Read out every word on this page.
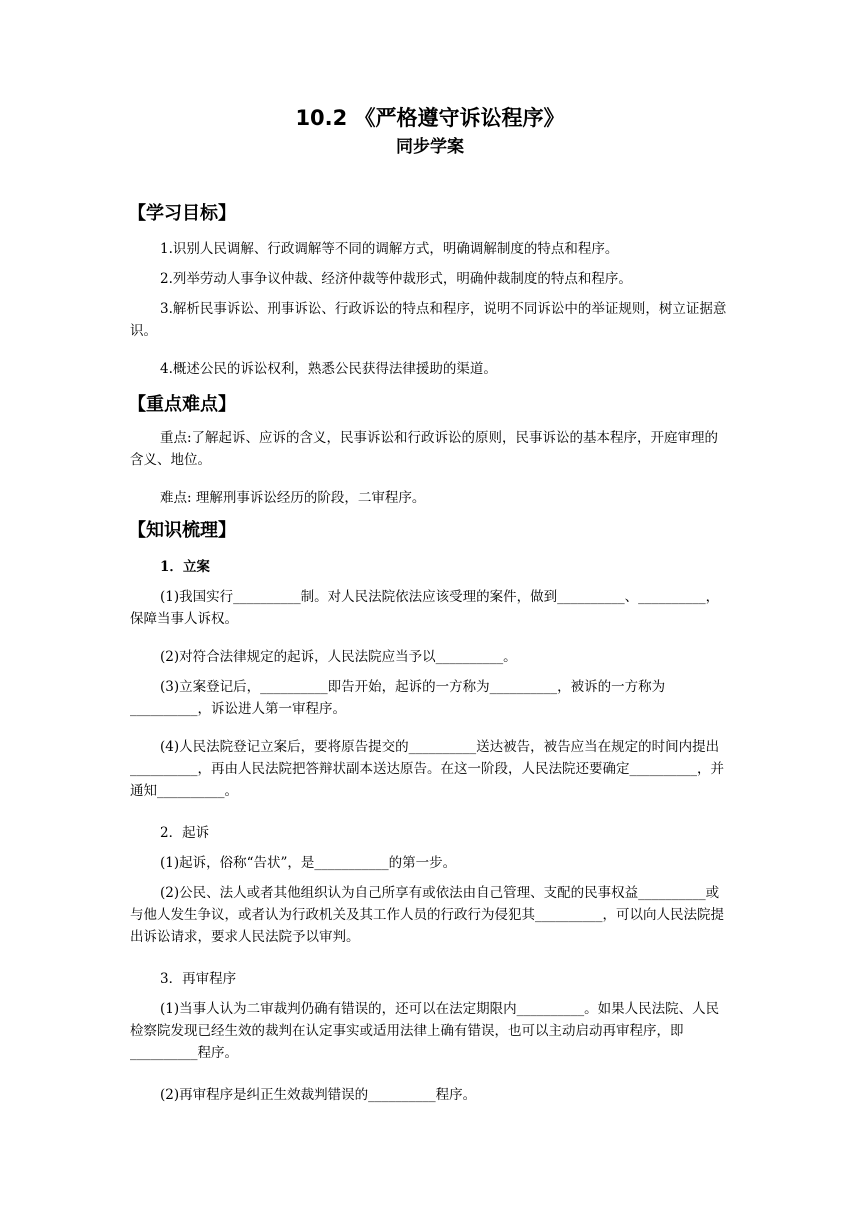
10.2 《严格遵守诉讼程序》
同步学案
【学习目标】
1.识别人民调解、行政调解等不同的调解方式，明确调解制度的特点和程序。
2.列举劳动人事争议仲裁、经济仲裁等仲裁形式，明确仲裁制度的特点和程序。
3.解析民事诉讼、刑事诉讼、行政诉讼的特点和程序，说明不同诉讼中的举证规则，树立证据意识。
4.概述公民的诉讼权利，熟悉公民获得法律援助的渠道。
【重点难点】
重点:了解起诉、应诉的含义，民事诉讼和行政诉讼的原则，民事诉讼的基本程序，开庭审理的含义、地位。
难点: 理解刑事诉讼经历的阶段，二审程序。
【知识梳理】
1．立案
(1)我国实行__________制。对人民法院依法应该受理的案件，做到__________、__________，保障当事人诉权。
(2)对符合法律规定的起诉，人民法院应当予以__________。
(3)立案登记后，__________即告开始，起诉的一方称为__________，被诉的一方称为__________，诉讼进人第一审程序。
(4)人民法院登记立案后，要将原告提交的__________送达被告，被告应当在规定的时间内提出__________，再由人民法院把答辩状副本送达原告。在这一阶段，人民法院还要确定__________，并通知__________。
2．起诉
(1)起诉，俗称“告状”，是___________的第一步。
(2)公民、法人或者其他组织认为自己所享有或依法由自己管理、支配的民事权益__________或与他人发生争议，或者认为行政机关及其工作人员的行政行为侵犯其__________，可以向人民法院提出诉讼请求，要求人民法院予以审判。
3．再审程序
(1)当事人认为二审裁判仍确有错误的，还可以在法定期限内__________。如果人民法院、人民检察院发现已经生效的裁判在认定事实或适用法律上确有错误，也可以主动启动再审程序，即__________程序。
(2)再审程序是纠正生效裁判错误的__________程序。
